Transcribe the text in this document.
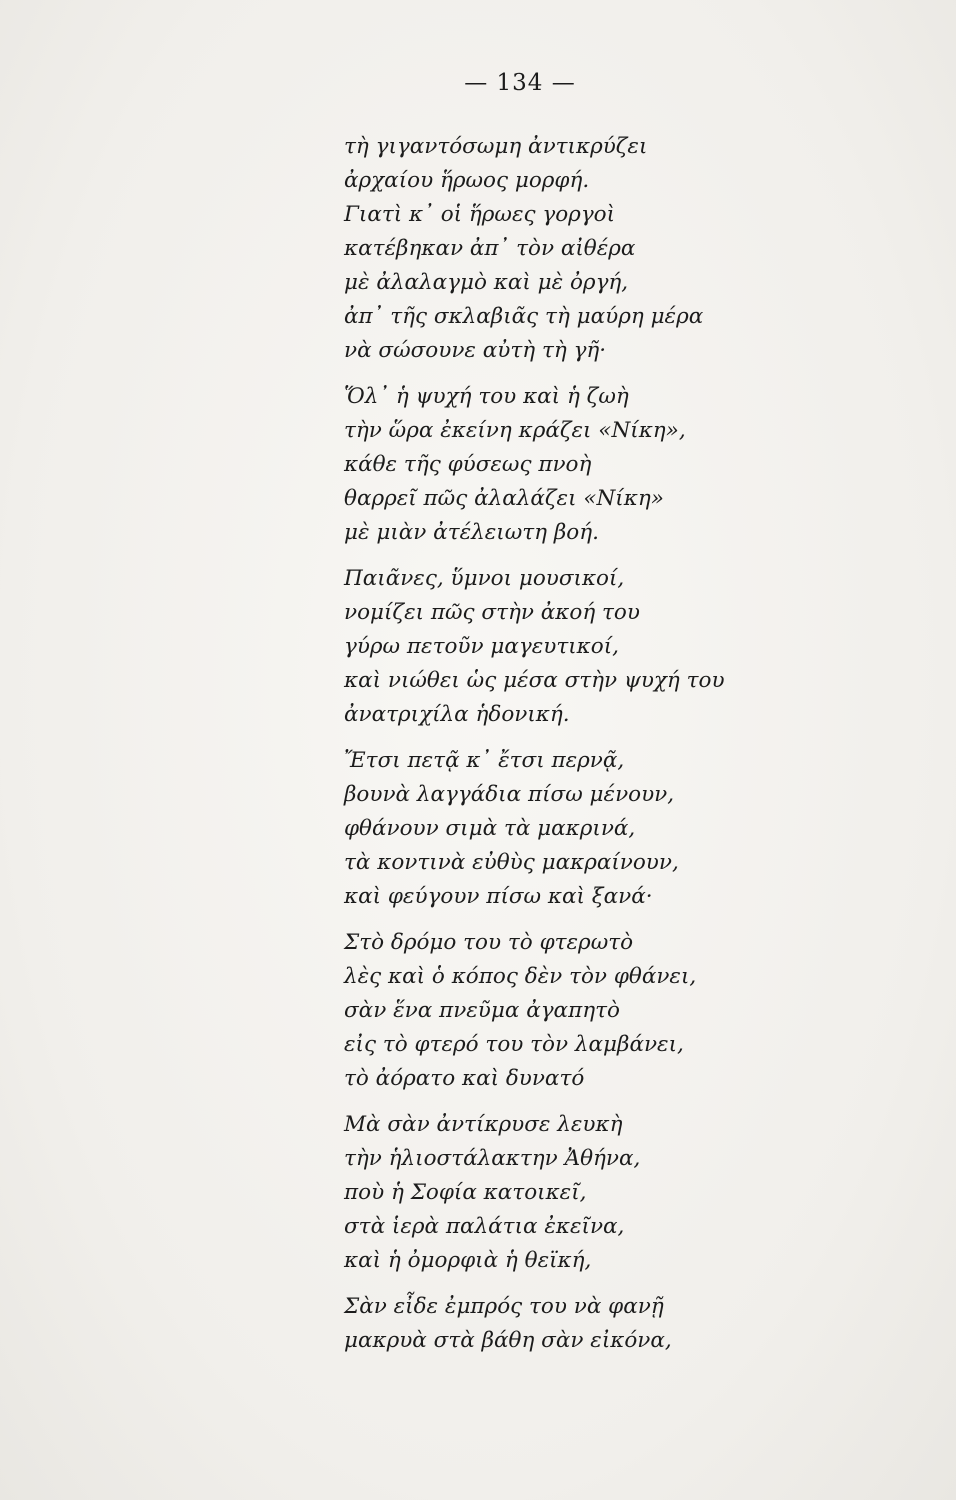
— 134 —
τὴ γιγαντόσωμη ἀντικρύζει
ἀρχαίου ἥρωος μορφή.
Γιατὶ κ᾿ οἱ ἥρωες γοργοὶ
κατέβηκαν ἀπ᾿ τὸν αἰθέρα
μὲ ἀλαλαγμὸ καὶ μὲ ὀργή,
ἀπ᾿ τῆς σκλαβιᾶς τὴ μαύρη μέρα
νὰ σώσουνε αὐτὴ τὴ γῆ·
Ὅλ᾿ ἡ ψυχή του καὶ ἡ ζωὴ
τὴν ὥρα ἐκείνη κράζει «Νίκη»,
κάθε τῆς φύσεως πνοὴ
θαρρεῖ πῶς ἀλαλάζει «Νίκη»
μὲ μιὰν ἀτέλειωτη βοή.
Παιᾶνες, ὕμνοι μουσικοί,
νομίζει πῶς στὴν ἀκοή του
γύρω πετοῦν μαγευτικοί,
καὶ νιώθει ὡς μέσα στὴν ψυχή του
ἀνατριχίλα ἡδονική.
Ἔτσι πετᾷ κ᾿ ἔτσι περνᾷ,
βουνὰ λαγγάδια πίσω μένουν,
φθάνουν σιμὰ τὰ μακρινά,
τὰ κοντινὰ εὐθὺς μακραίνουν,
καὶ φεύγουν πίσω καὶ ξανά·
Στὸ δρόμο του τὸ φτερωτὸ
λὲς καὶ ὁ κόπος δὲν τὸν φθάνει,
σὰν ἕνα πνεῦμα ἀγαπητὸ
εἰς τὸ φτερό του τὸν λαμβάνει,
τὸ ἀόρατο καὶ δυνατό
Μὰ σὰν ἀντίκρυσε λευκὴ
τὴν ἡλιοστάλακτην Ἀθήνα,
ποὺ ἡ Σοφία κατοικεῖ,
στὰ ἱερὰ παλάτια ἐκεῖνα,
καὶ ἡ ὀμορφιὰ ἡ θεϊκή,
Σὰν εἶδε ἐμπρός του νὰ φανῇ
μακρυὰ στὰ βάθη σὰν εἰκόνα,
